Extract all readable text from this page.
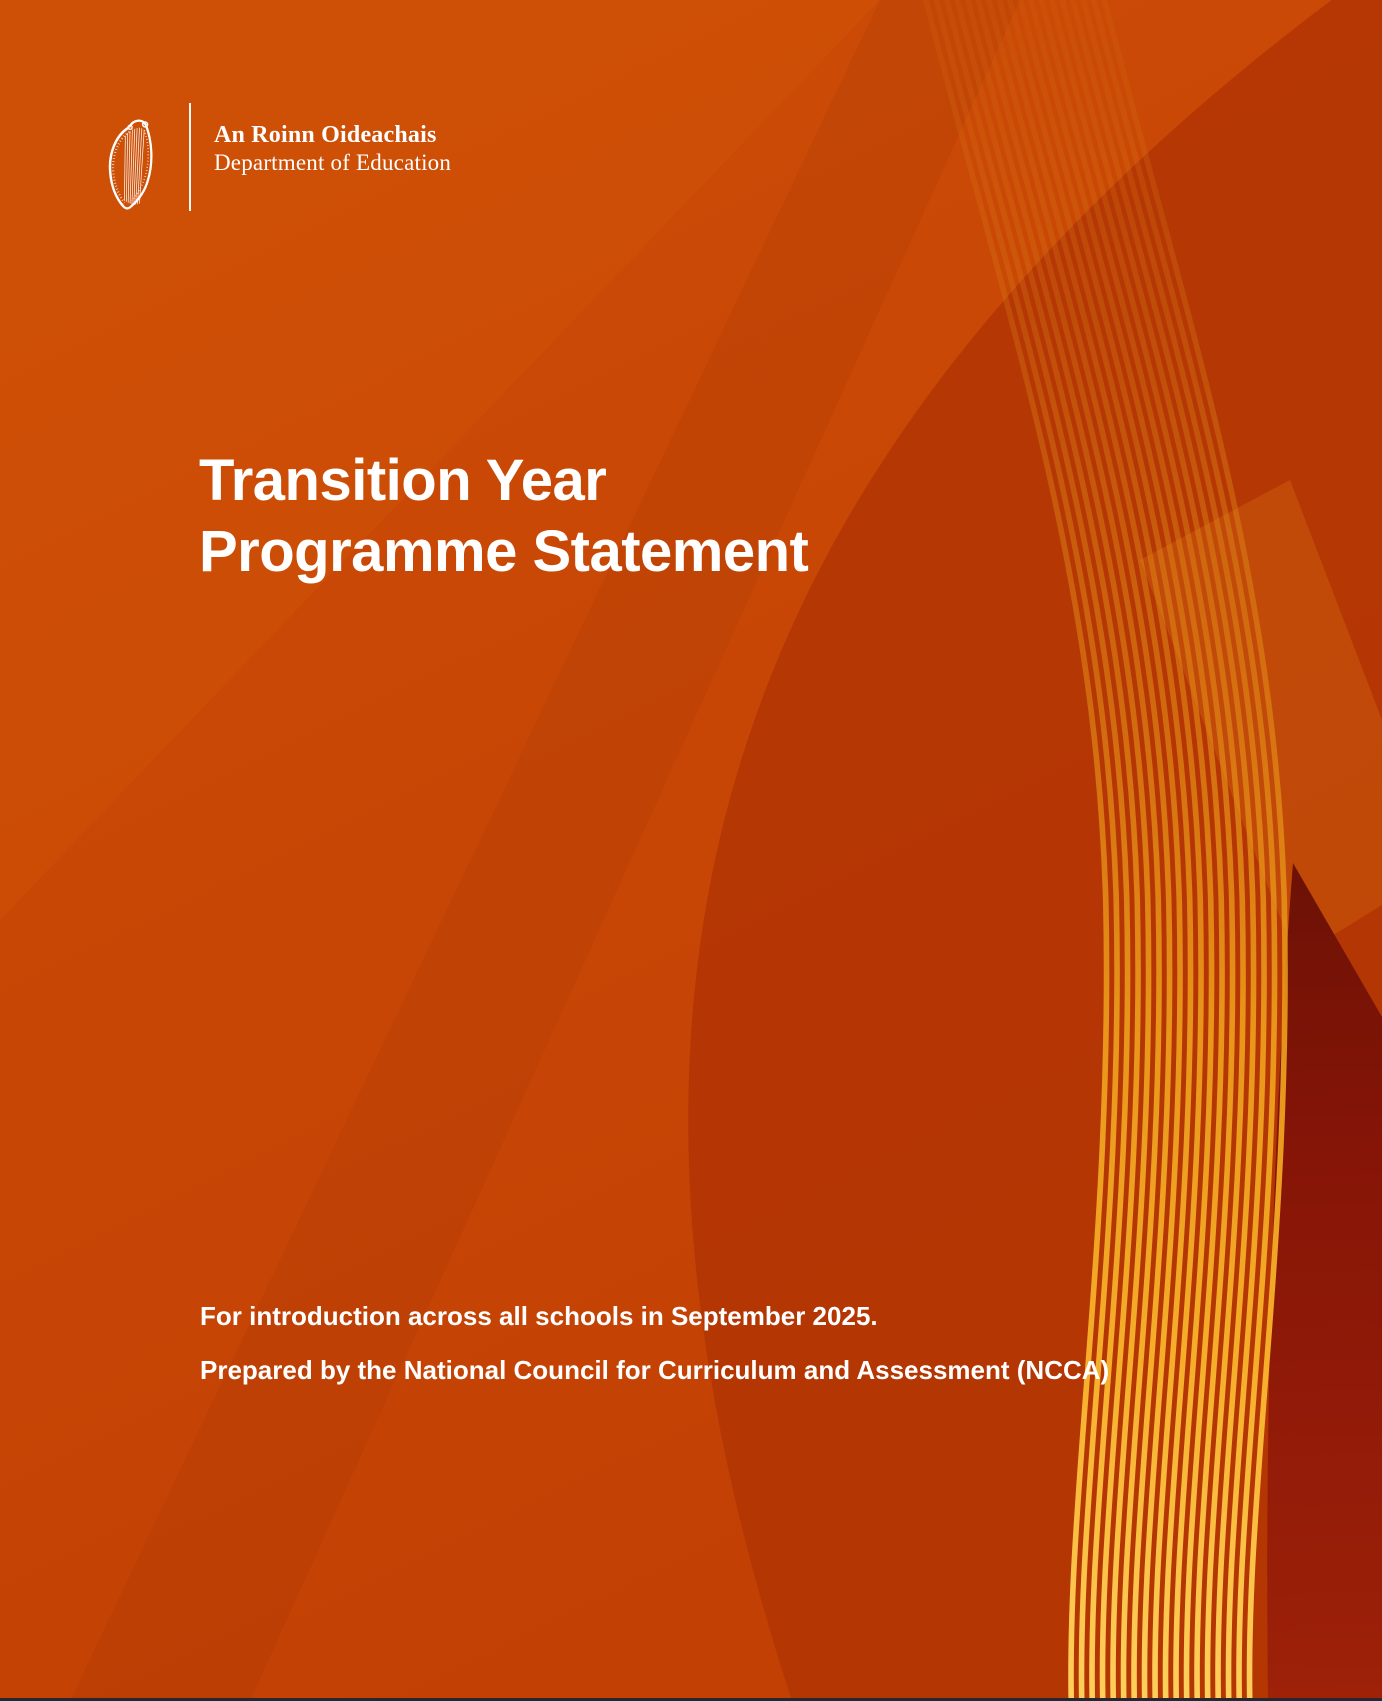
An Roinn Oideachais
Department of Education
Transition Year
Programme Statement

For introduction across all schools in September 2025.

Prepared by the National Council for Curriculum and Assessment (NCCA)
